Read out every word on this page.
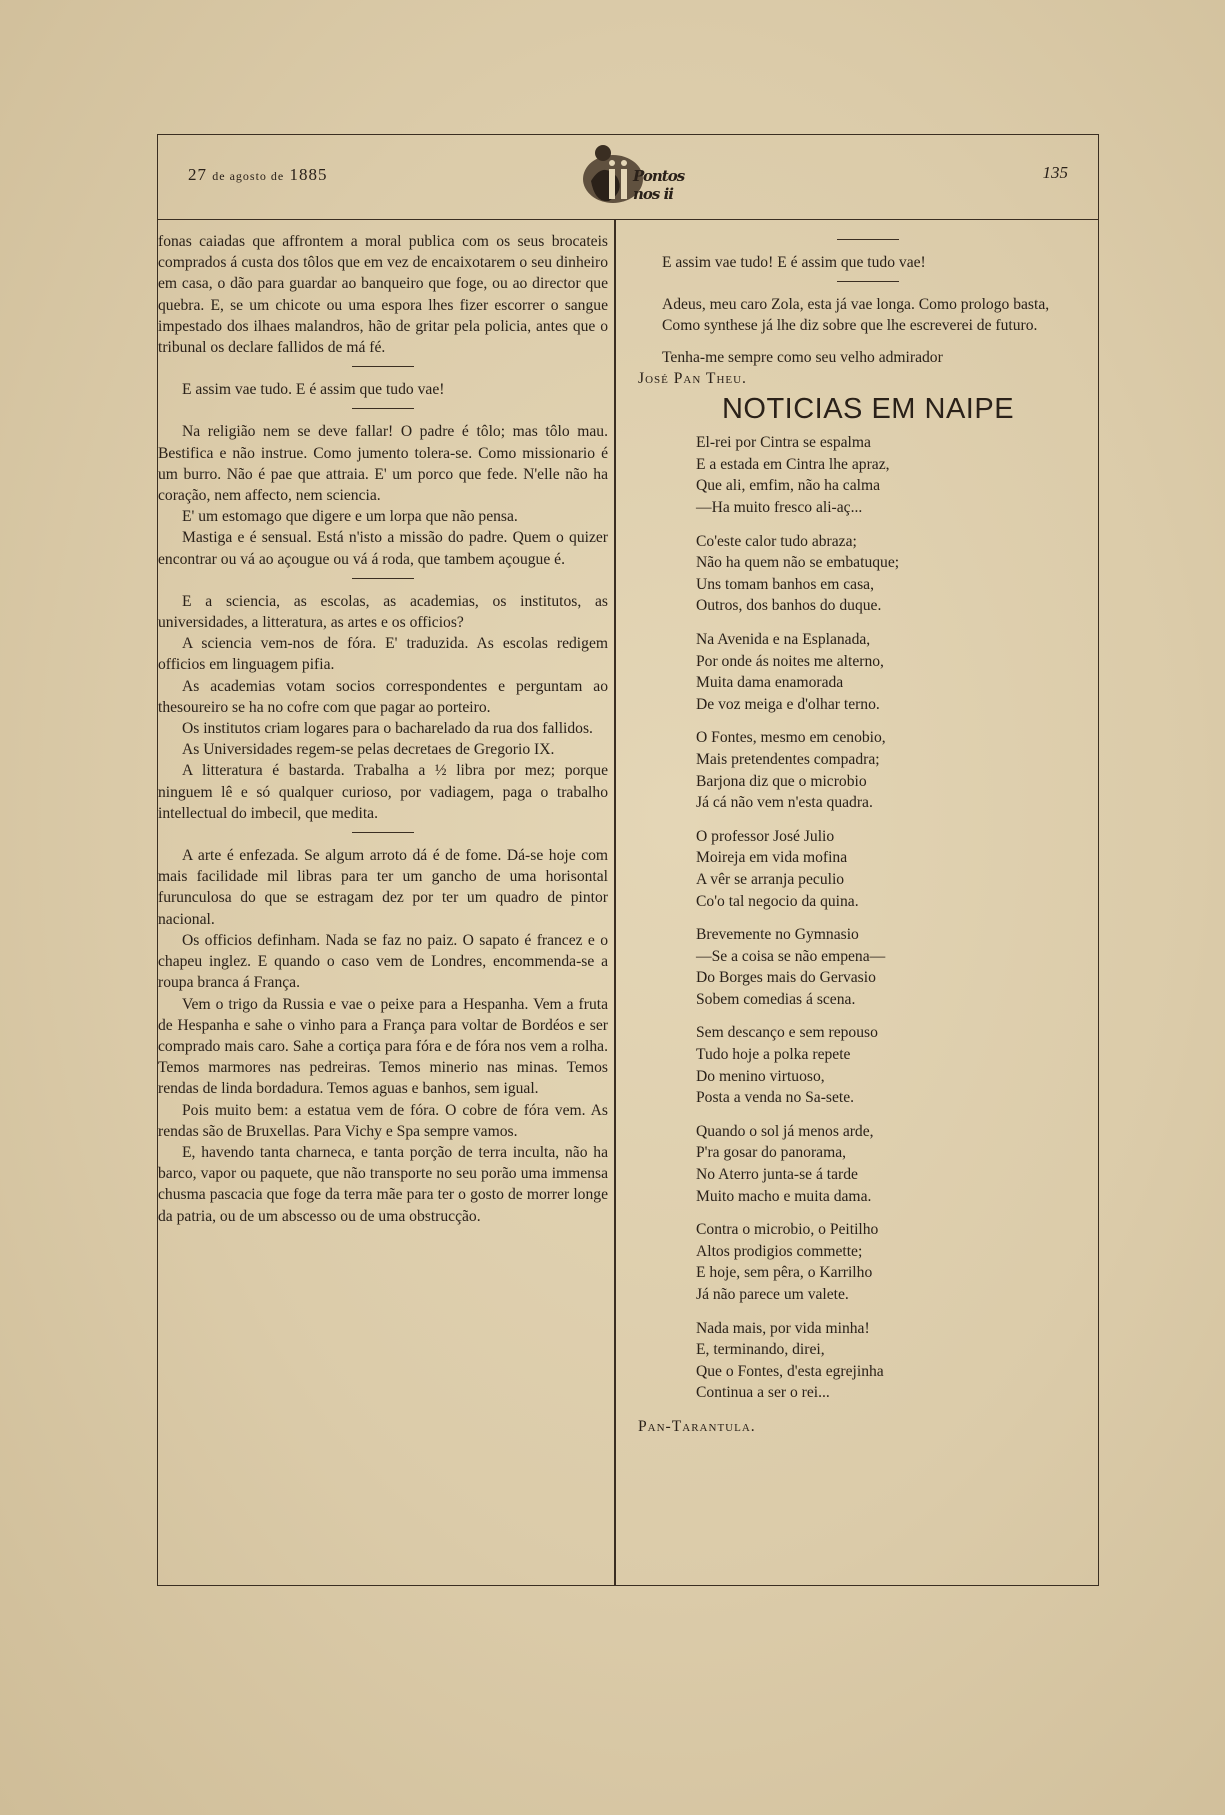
27 de agosto de 1885	Pontos nos ii
135

fonas caiadas que affrontem a moral publica com os seus brocateis comprados á custa dos tôlos que em vez de encaixotarem o seu dinheiro em casa, o dão para guardar ao banqueiro que foge, ou ao director que quebra. E, se um chicote ou uma espora lhes fizer escorrer o sangue impestado dos ilhaes malandros, hão de gritar pela policia, antes que o tribunal os declare fallidos de má fé.

E assim vae tudo. E é assim que tudo vae!

Na religião nem se deve fallar! O padre é tôlo; mas tôlo mau. Bestifica e não instrue. Como jumento tolera-se. Como missionario é um burro. Não é pae que attraia. E' um porco que fede. N'elle não ha coração, nem affecto, nem sciencia.

E' um estomago que digere e um lorpa que não pensa.

Mastiga e é sensual. Está n'isto a missão do padre. Quem o quizer encontrar ou vá ao açougue ou vá á roda, que tambem açougue é.

E a sciencia, as escolas, as academias, os institutos, as universidades, a litteratura, as artes e os officios?

A sciencia vem-nos de fóra. E' traduzida. As escolas redigem officios em linguagem pifia.

As academias votam socios correspondentes e perguntam ao thesoureiro se ha no cofre com que pagar ao porteiro.

Os institutos criam logares para o bacharelado da rua dos fallidos.

As Universidades regem-se pelas decretaes de Gregorio IX.

A litteratura é bastarda. Trabalha a ½ libra por mez; porque ninguem lê e só qualquer curioso, por vadiagem, paga o trabalho intellectual do imbecil, que medita.

A arte é enfezada. Se algum arroto dá é de fome. Dá-se hoje com mais facilidade mil libras para ter um gancho de uma horisontal furunculosa do que se estragam dez por ter um quadro de pintor nacional.

Os officios definham. Nada se faz no paiz. O sapato é francez e o chapeu inglez. E quando o caso vem de Londres, encommenda-se a roupa branca á França.

Vem o trigo da Russia e vae o peixe para a Hespanha. Vem a fruta de Hespanha e sahe o vinho para a França para voltar de Bordéos e ser comprado mais caro. Sahe a cortiça para fóra e de fóra nos vem a rolha. Temos marmores nas pedreiras. Temos minerio nas minas. Temos rendas de linda bordadura. Temos aguas e banhos, sem igual.

Pois muito bem: a estatua vem de fóra. O cobre de fóra vem. As rendas são de Bruxellas. Para Vichy e Spa sempre vamos.

E, havendo tanta charneca, e tanta porção de terra inculta, não ha barco, vapor ou paquete, que não transporte no seu porão uma immensa chusma pascacia que foge da terra mãe para ter o gosto de morrer longe da patria, ou de um abscesso ou de uma obstrucção.

E assim vae tudo! E é assim que tudo vae!

Adeus, meu caro Zola, esta já vae longa. Como prologo basta,

Como synthese já lhe diz sobre que lhe escreverei de futuro.

Tenha-me sempre como seu velho admirador

José Pan Theu.

NOTICIAS EM NAIPE
El-rei por Cintra se espalma
E a estada em Cintra lhe apraz,
Que ali, emfim, não ha calma
—Ha muito fresco ali-aç...
Co'este calor tudo abraza;
Não ha quem não se embatuque;
Uns tomam banhos em casa,
Outros, dos banhos do duque.
Na Avenida e na Esplanada,
Por onde ás noites me alterno,
Muita dama enamorada
De voz meiga e d'olhar terno.
O Fontes, mesmo em cenobio,
Mais pretendentes compadra;
Barjona diz que o microbio
Já cá não vem n'esta quadra.
O professor José Julio
Moireja em vida mofina
A vêr se arranja peculio
Co'o tal negocio da quina.
Brevemente no Gymnasio
—Se a coisa se não empena—
Do Borges mais do Gervasio
Sobem comedias á scena.
Sem descanço e sem repouso
Tudo hoje a polka repete
Do menino virtuoso,
Posta a venda no Sa-sete.
Quando o sol já menos arde,
P'ra gosar do panorama,
No Aterro junta-se á tarde
Muito macho e muita dama.
Contra o microbio, o Peitilho
Altos prodigios commette;
E hoje, sem pêra, o Karrilho
Já não parece um valete.
Nada mais, por vida minha!
E, terminando, direi,
Que o Fontes, d'esta egrejinha
Continua a ser o rei...

Pan-Tarantula.
